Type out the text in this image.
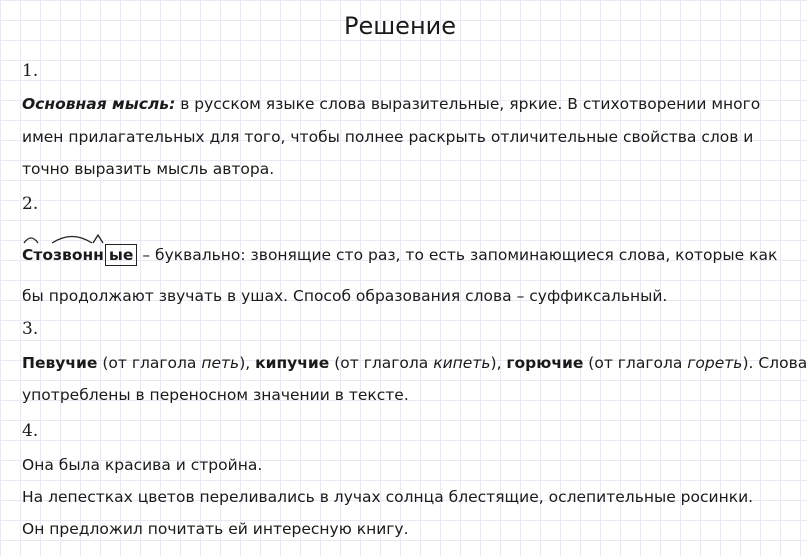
Решение
1.
Основная мысль: в русском языке слова выразительные, яркие. В стихотворении много
имен прилагательных для того, чтобы полнее раскрыть отличительные свойства слов и
точно выразить мысль автора.
2.
Стозвонн ые – буквально: звонящие сто раз, то есть запоминающиеся слова, которые как
бы продолжают звучать в ушах. Способ образования слова – суффиксальный.
3.
Певучие (от глагола петь), кипучие (от глагола кипеть), горючие (от глагола гореть). Слова
употреблены в переносном значении в тексте.
4.
Она была красива и стройна.
На лепестках цветов переливались в лучах солнца блестящие, ослепительные росинки.
Он предложил почитать ей интересную книгу.
